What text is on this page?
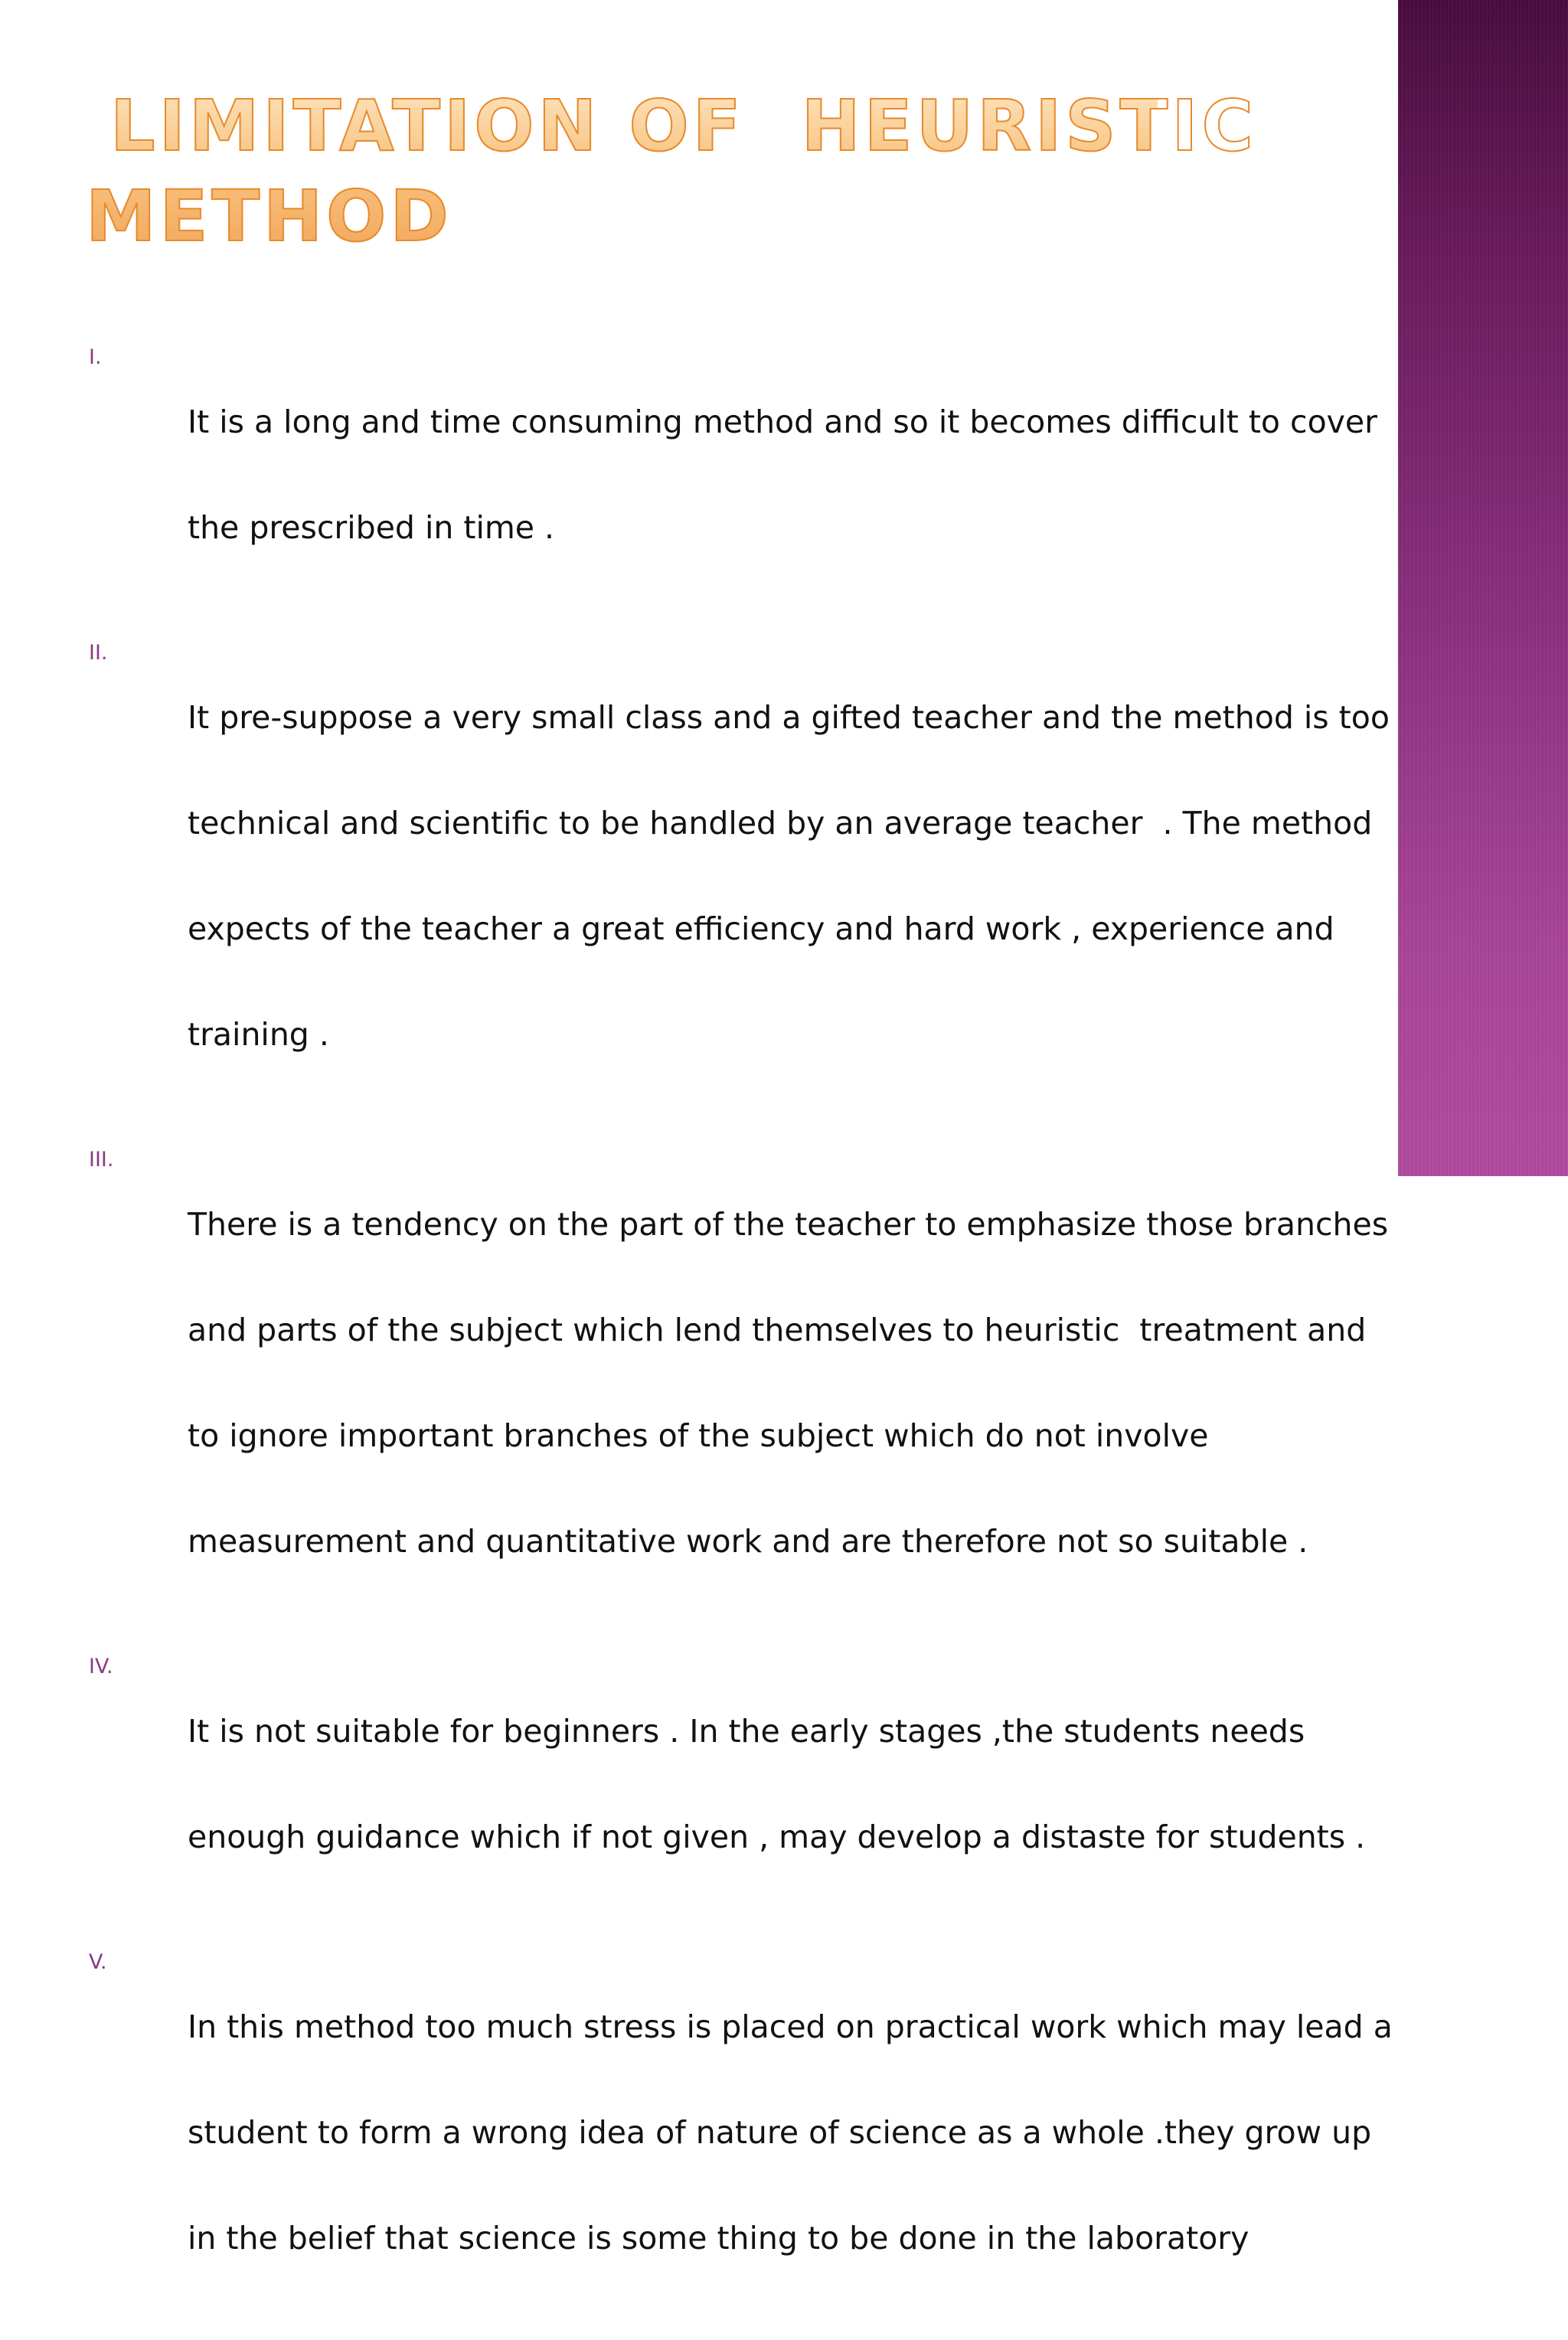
LIMITATION OF  HEURISTIC
METHOD
I.

It is a long and time consuming method and so it becomes difficult to cover

the prescribed in time .

II.

It pre-suppose a very small class and a gifted teacher and the method is too

technical and scientific to be handled by an average teacher  . The method

expects of the teacher a great efficiency and hard work , experience and

training .

III.

There is a tendency on the part of the teacher to emphasize those branches

and parts of the subject which lend themselves to heuristic  treatment and

to ignore important branches of the subject which do not involve

measurement and quantitative work and are therefore not so suitable .

IV.

It is not suitable for beginners . In the early stages ,the students needs

enough guidance which if not given , may develop a distaste for students .

V.

In this method too much stress is placed on practical work which may lead a

student to form a wrong idea of nature of science as a whole .they grow up

in the belief that science is some thing to be done in the laboratory
